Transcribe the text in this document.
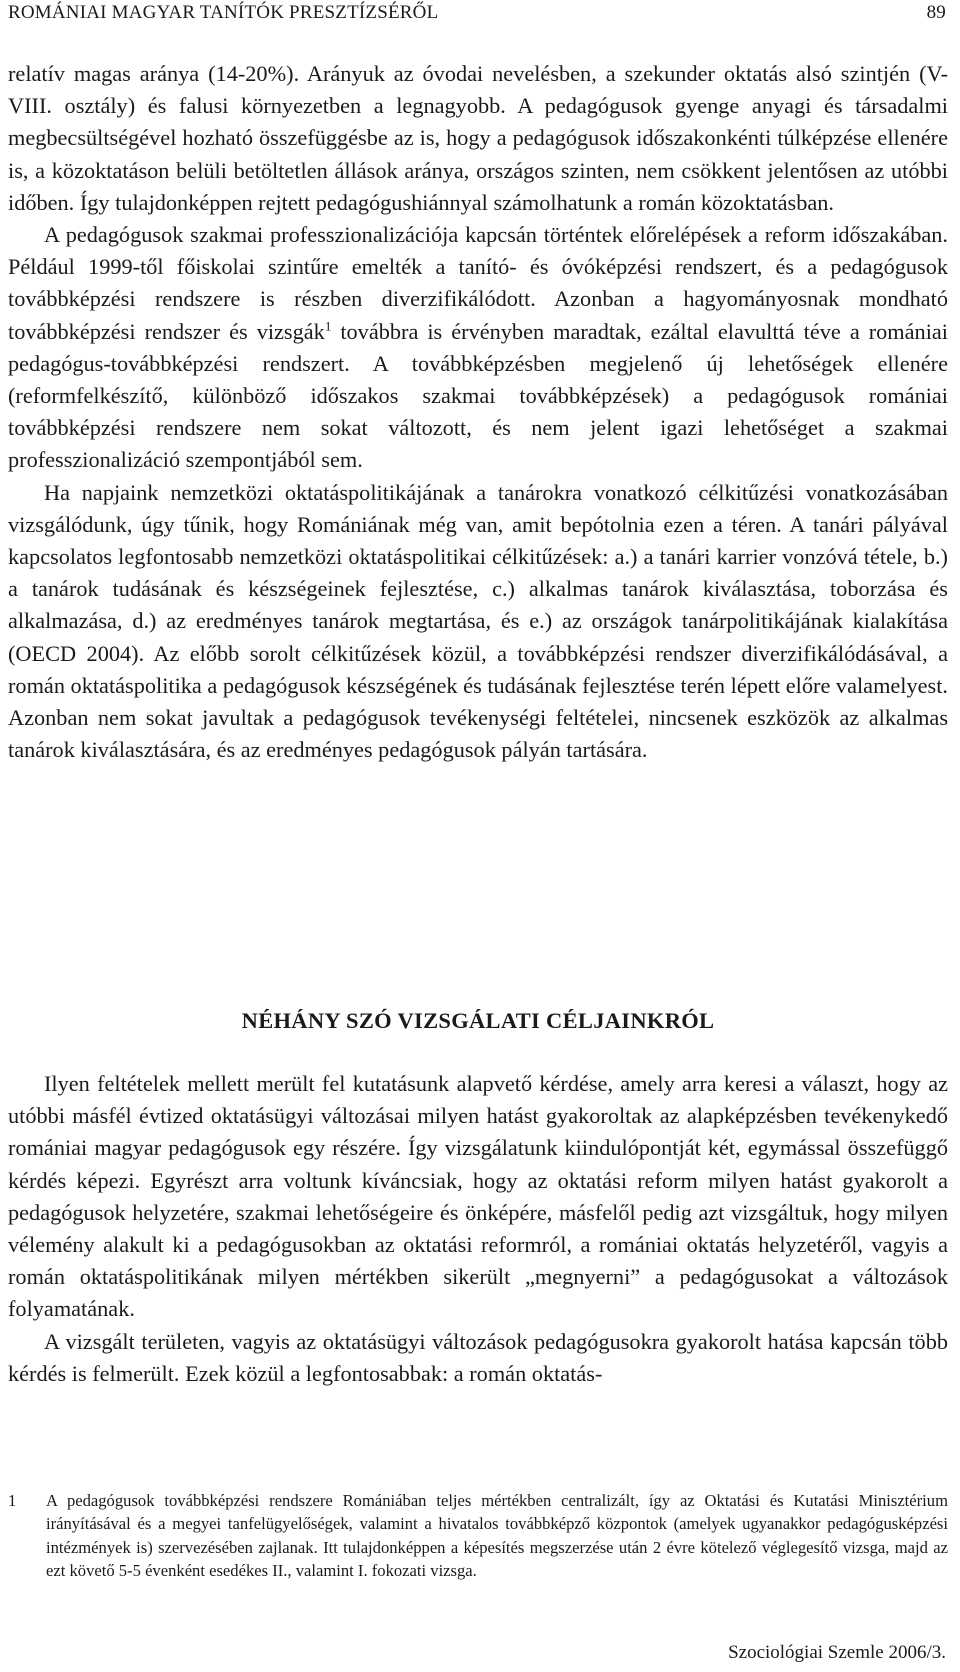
ROMÁNIAI MAGYAR TANÍTÓK PRESZTÍZSÉRŐL	89

relatív magas aránya (14-20%). Arányuk az óvodai nevelésben, a szekunder oktatás alsó szintjén (V-VIII. osztály) és falusi környezetben a legnagyobb. A pedagógusok gyenge anyagi és társadalmi megbecsültségével hozható összefüggésbe az is, hogy a pedagógusok időszakonkénti túlképzése ellenére is, a közoktatáson belüli betöltetlen állások aránya, országos szinten, nem csökkent jelentősen az utóbbi időben. Így tulajdonképpen rejtett pedagógushiánnyal számolhatunk a román közoktatásban.

A pedagógusok szakmai professzionalizációja kapcsán történtek előrelépések a reform időszakában. Például 1999-től főiskolai szintűre emelték a tanító- és óvóképzési rendszert, és a pedagógusok továbbképzési rendszere is részben diverzifikálódott. Azonban a hagyományosnak mondható továbbképzési rendszer és vizsgák$^1$ továbbra is érvényben maradtak, ezáltal elavulttá téve a romániai pedagógus-továbbképzési rendszert. A továbbképzésben megjelenő új lehetőségek ellenére (reformfelkészítő, különböző időszakos szakmai továbbképzések) a pedagógusok romániai továbbképzési rendszere nem sokat változott, és nem jelent igazi lehetőséget a szakmai professzionalizáció szempontjából sem.

Ha napjaink nemzetközi oktatáspolitikájának a tanárokra vonatkozó célkitűzési vonatkozásában vizsgálódunk, úgy tűnik, hogy Romániának még van, amit bepótolnia ezen a téren. A tanári pályával kapcsolatos legfontosabb nemzetközi oktatáspolitikai célkitűzések: a.) a tanári karrier vonzóvá tétele, b.) a tanárok tudásának és készségeinek fejlesztése, c.) alkalmas tanárok kiválasztása, toborzása és alkalmazása, d.) az eredményes tanárok megtartása, és e.) az országok tanárpolitikájának kialakítása (OECD 2004). Az előbb sorolt célkitűzések közül, a továbbképzési rendszer diverzifikálódásával, a román oktatáspolitika a pedagógusok készségének és tudásának fejlesztése terén lépett előre valamelyest. Azonban nem sokat javultak a pedagógusok tevékenységi feltételei, nincsenek eszközök az alkalmas tanárok kiválasztására, és az eredményes pedagógusok pályán tartására.

NÉHÁNY SZÓ VIZSGÁLATI CÉLJAINKRÓL

Ilyen feltételek mellett merült fel kutatásunk alapvető kérdése, amely arra keresi a választ, hogy az utóbbi másfél évtized oktatásügyi változásai milyen hatást gyakoroltak az alapképzésben tevékenykedő romániai magyar pedagógusok egy részére. Így vizsgálatunk kiindulópontját két, egymással összefüggő kérdés képezi. Egyrészt arra voltunk kíváncsiak, hogy az oktatási reform milyen hatást gyakorolt a pedagógusok helyzetére, szakmai lehetőségeire és önképére, másfelől pedig azt vizsgáltuk, hogy milyen vélemény alakult ki a pedagógusokban az oktatási reformról, a romániai oktatás helyzetéről, vagyis a román oktatáspolitikának milyen mértékben sikerült „megnyerni” a pedagógusokat a változások folyamatának.

A vizsgált területen, vagyis az oktatásügyi változások pedagógusokra gyakorolt hatása kapcsán több kérdés is felmerült. Ezek közül a legfontosabbak: a román oktatás-

1	A pedagógusok továbbképzési rendszere Romániában teljes mértékben centralizált, így az Oktatási és Kutatási Minisztérium irányításával és a megyei tanfelügyelőségek, valamint a hivatalos továbbképző központok (amelyek ugyanakkor pedagógusképzési intézmények is) szervezésében zajlanak. Itt tulajdonképpen a képesítés megszerzése után 2 évre kötelező véglegesítő vizsga, majd az ezt követő 5-5 évenként esedékes II., valamint I. fokozati vizsga.
Szociológiai Szemle 2006/3.
